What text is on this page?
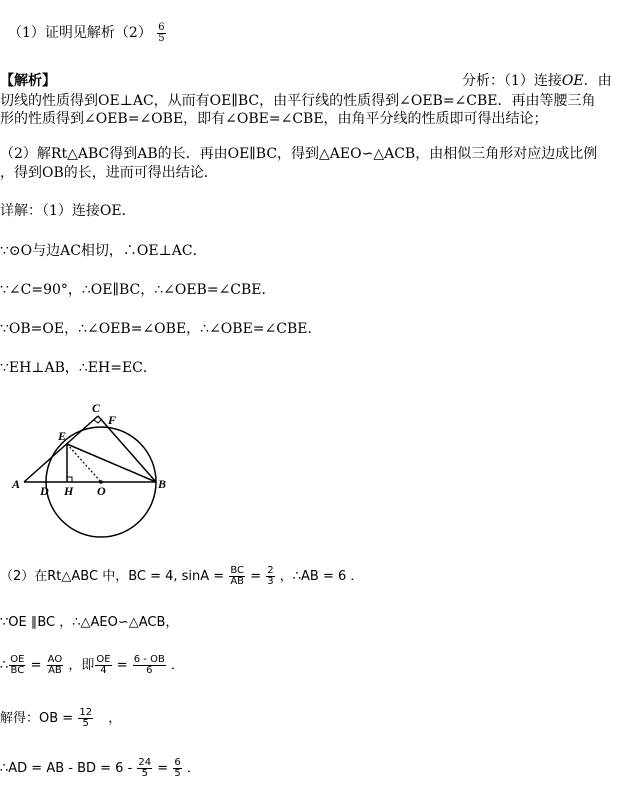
（1）证明见解析$(2) \frac{6}{5}$
【解析】	分析：（1）连接OE．由
切线的性质得到OE⊥AC，从而有OE∥BC，由平行线的性质得到∠OEB=∠CBE．再由等腰三角
形的性质得到∠OEB=∠OBE，即有∠OBE=∠CBE，由角平分线的性质即可得出结论；
（2）解Rt△ABC得到AB的长．再由OE∥BC，得到△AEO∽△ACB，由相似三角形对应边成比例
，得到OB的长，进而可得出结论．
详解：（1）连接OE．
∵⊙O与边AC相切，∴OE⊥AC．
∵∠C=90°，∴OE∥BC，∴∠OEB=∠CBE．
∵OB=OE，∴∠OEB=∠OBE，∴∠OBE=∠CBE．
∵EH⊥AB，∴EH=EC．
C
F
E
A D H O	B
（2）在Rt△ABC 中，BC = 4, $\sin A = \frac{BC}{AB} = \frac{2}{3}$ ，∴AB = 6 ．
∵OE ∥BC ，∴△AEO∽△ACB，
∴ $\frac{OE}{BC} = \frac{AO}{AB}$ ，即 $\frac{OE}{4} = \frac{6 - OB}{6}$ ．
解得：OB = $\frac{12}{5}$ ，
∴AD = AB - BD = $6 - \frac{24}{5} = \frac{6}{5}$ ．
